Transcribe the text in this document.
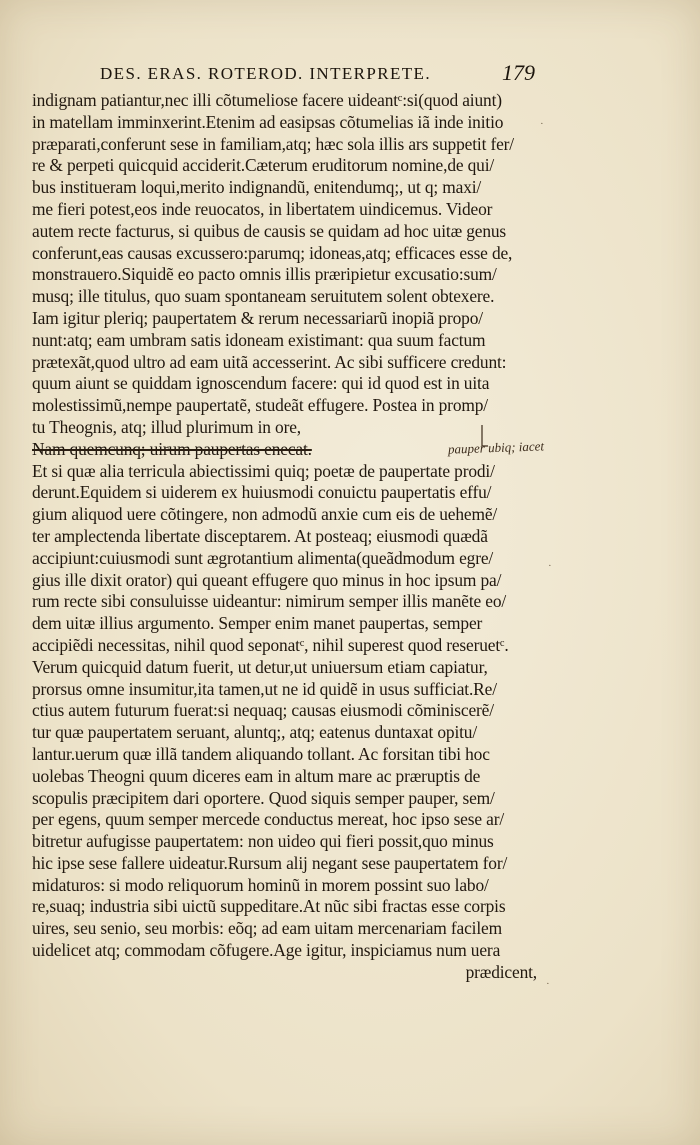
DES. ERAS. ROTEROD. INTERPRETE.	179
indignam patiantur,nec illi cõtumeliose facere uideantᶜ:si(quod aiunt)
in matellam imminxerint.Etenim ad easipsas cõtumelias iã inde initio
præparati,conferunt sese in familiam,atq; hæc sola illis ars suppetit fer/
re & perpeti quicquid acciderit.Cæterum eruditorum nomine,de qui/
bus institueram loqui,merito indignandũ, enitendumq;, ut q; maxi/
me fieri potest,eos inde reuocatos, in libertatem uindicemus. Videor
autem recte facturus, si quibus de causis se quidam ad hoc uitæ genus
conferunt,eas causas excussero:parumq; idoneas,atq; efficaces esse de,
monstrauero.Siquidẽ eo pacto omnis illis præripietur excusatio:sum/
musq; ille titulus, quo suam spontaneam seruitutem solent obtexere.
Iam igitur pleriq; paupertatem & rerum necessariarũ inopiã propo/
nunt:atq; eam umbram satis idoneam existimant: qua suum factum
prætexãt,quod ultro ad eam uitã accesserint. Ac sibi sufficere credunt:
quum aiunt se quiddam ignoscendum facere: qui id quod est in uita
molestissimũ,nempe paupertatẽ, studeãt effugere. Postea in promp/
tu Theognis, atq; illud plurimum in ore,
Nam quemcunq; uirum paupertas enecat.
Et si quæ alia terricula abiectissimi quiq; poetæ de paupertate prodi/
derunt.Equidem si uiderem ex huiusmodi conuictu paupertatis effu/
gium aliquod uere cõtingere, non admodũ anxie cum eis de uehemẽ/
ter amplectenda libertate disceptarem. At posteaq; eiusmodi quædã
accipiunt:cuiusmodi sunt ægrotantium alimenta(queãdmodum egre/
gius ille dixit orator) qui queant effugere quo minus in hoc ipsum pa/
rum recte sibi consuluisse uideantur: nimirum semper illis manẽte eo/
dem uitæ illius argumento. Semper enim manet paupertas, semper
accipiẽdi necessitas, nihil quod seponatᶜ, nihil superest quod reseruetᶜ.
Verum quicquid datum fuerit, ut detur,ut uniuersum etiam capiatur,
prorsus omne insumitur,ita tamen,ut ne id quidẽ in usus sufficiat.Re/
ctius autem futurum fuerat:si nequaq; causas eiusmodi cõminiscerẽ/
tur quæ paupertatem seruant, aluntq;, atq; eatenus duntaxat opitu/
lantur.uerum quæ illã tandem aliquando tollant. Ac forsitan tibi hoc
uolebas Theogni quum diceres eam in altum mare ac præruptis de
scopulis præcipitem dari oportere. Quod siquis semper pauper, sem/
per egens, quum semper mercede conductus mereat, hoc ipso sese ar/
bitretur aufugisse paupertatem: non uideo qui fieri possit,quo minus
hic ipse sese fallere uideatur.Rursum alij negant sese paupertatem for/
midaturos: si modo reliquorum hominũ in morem possint suo labo/
re,suaq; industria sibi uictũ suppeditare.At nũc sibi fractas esse corpis
uires, seu senio, seu morbis: eõq; ad eam uitam mercenariam facilem
uidelicet atq; commodam cõfugere.Age igitur, inspiciamus num uera
prædicent,
pauper ubiq; iacet
·
·
·
